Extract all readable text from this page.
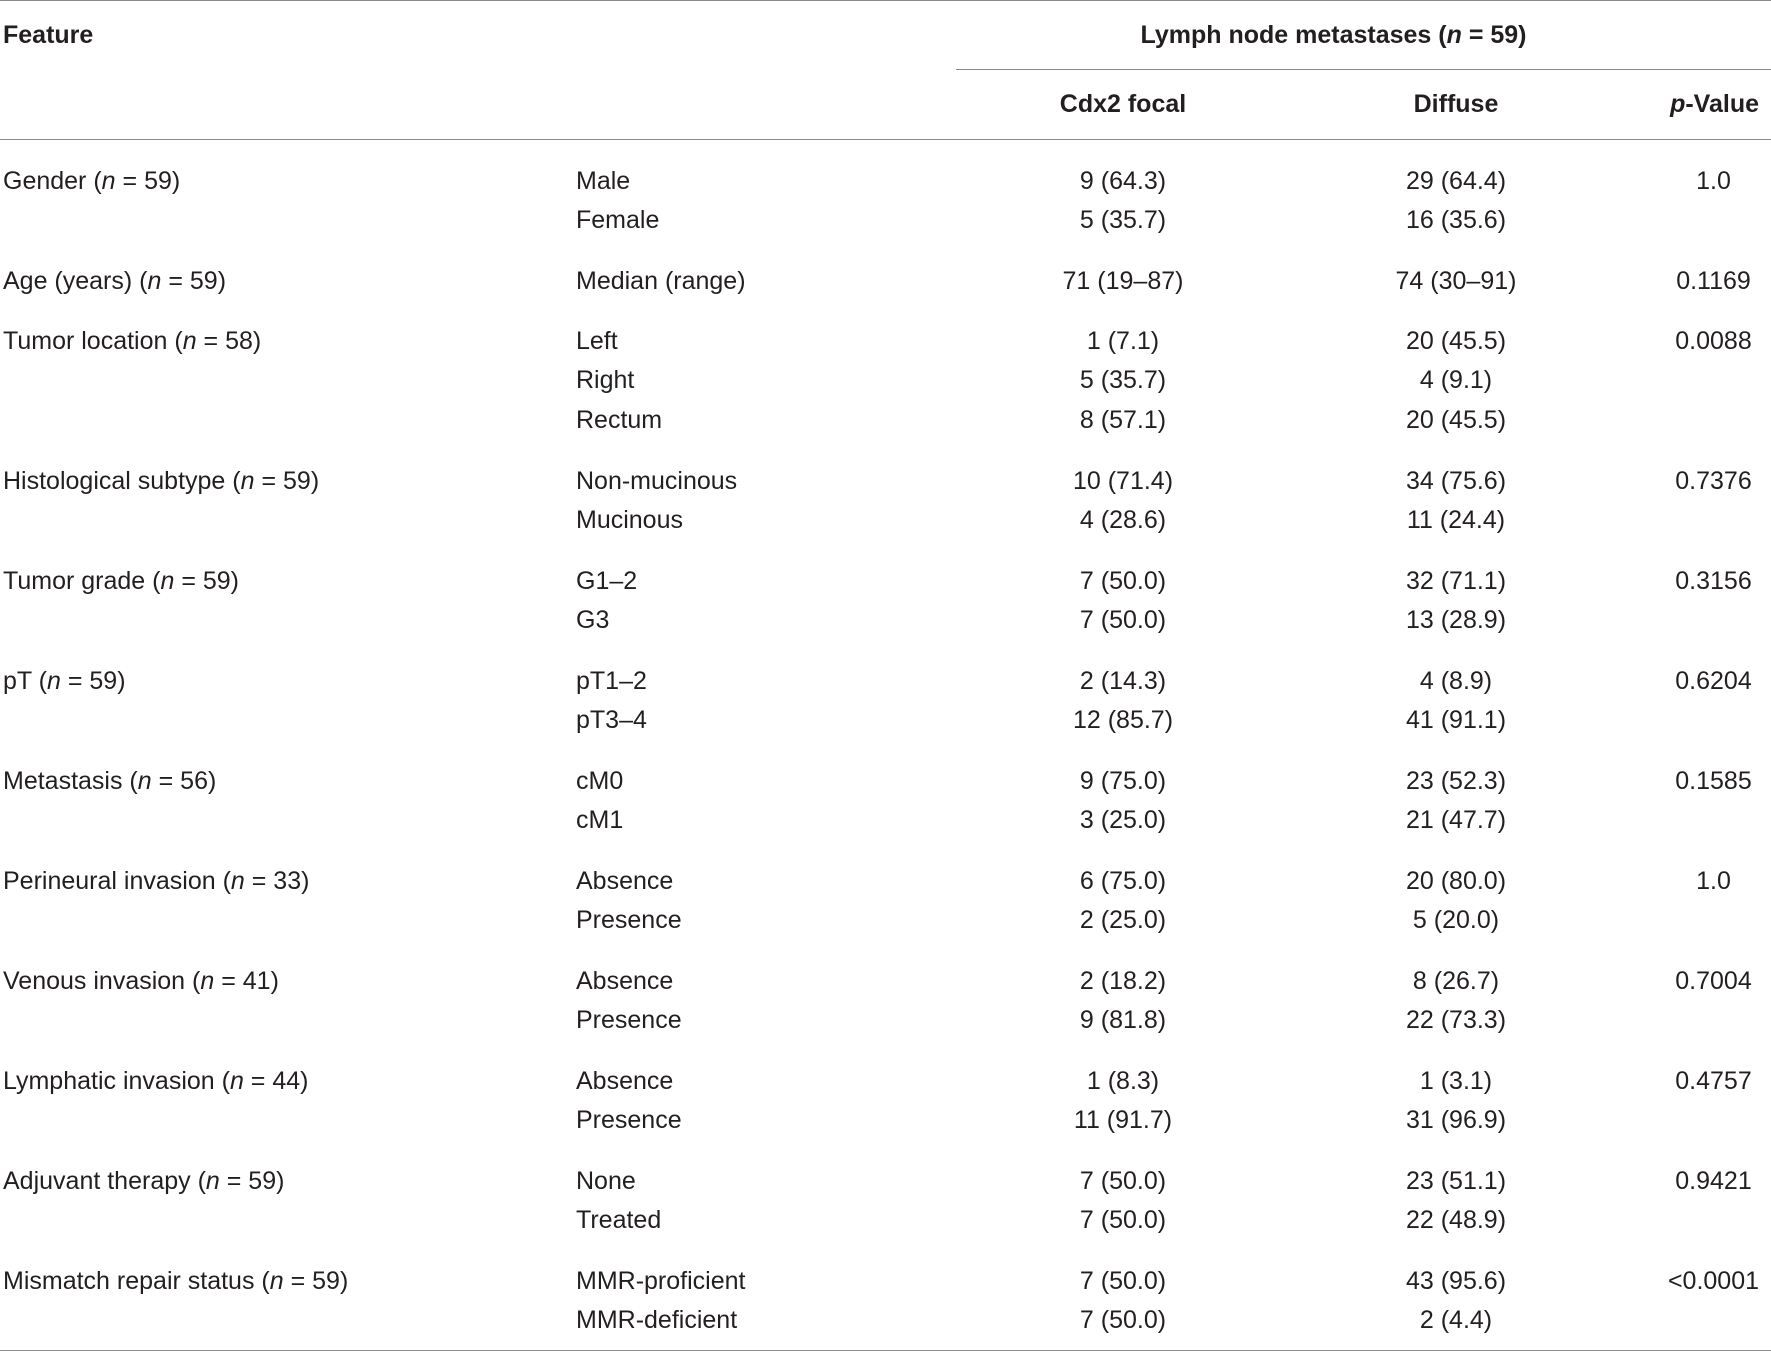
Feature		Lymph node metastases (n = 59)		
		Cdx2 focal	Diffuse	p-Value
Gender (n = 59)	Male	9 (64.3)	29 (64.4)	1.0
	Female	5 (35.7)	16 (35.6)	
Age (years) (n = 59)	Median (range)	71 (19–87)	74 (30–91)	0.1169
Tumor location (n = 58)	Left	1 (7.1)	20 (45.5)	0.0088
	Right	5 (35.7)	4 (9.1)	
	Rectum	8 (57.1)	20 (45.5)	
Histological subtype (n = 59)	Non-mucinous	10 (71.4)	34 (75.6)	0.7376
	Mucinous	4 (28.6)	11 (24.4)	
Tumor grade (n = 59)	G1–2	7 (50.0)	32 (71.1)	0.3156
	G3	7 (50.0)	13 (28.9)	
pT (n = 59)	pT1–2	2 (14.3)	4 (8.9)	0.6204
	pT3–4	12 (85.7)	41 (91.1)	
Metastasis (n = 56)	cM0	9 (75.0)	23 (52.3)	0.1585
	cM1	3 (25.0)	21 (47.7)	
Perineural invasion (n = 33)	Absence	6 (75.0)	20 (80.0)	1.0
	Presence	2 (25.0)	5 (20.0)	
Venous invasion (n = 41)	Absence	2 (18.2)	8 (26.7)	0.7004
	Presence	9 (81.8)	22 (73.3)	
Lymphatic invasion (n = 44)	Absence	1 (8.3)	1 (3.1)	0.4757
	Presence	11 (91.7)	31 (96.9)	
Adjuvant therapy (n = 59)	None	7 (50.0)	23 (51.1)	0.9421
	Treated	7 (50.0)	22 (48.9)	
Mismatch repair status (n = 59)	MMR-proficient	7 (50.0)	43 (95.6)	<0.0001
	MMR-deficient	7 (50.0)	2 (4.4)	
